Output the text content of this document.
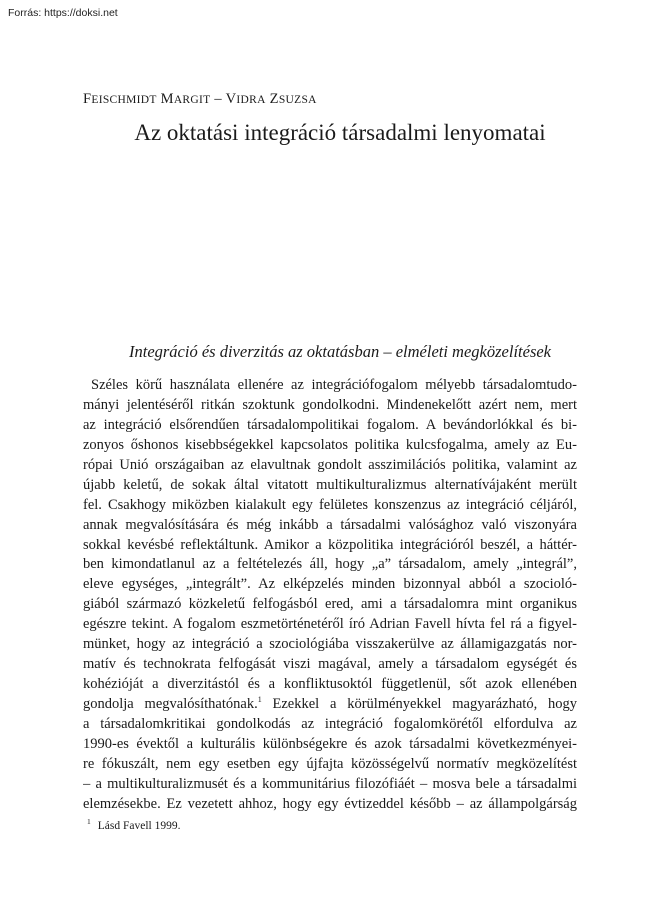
Forrás: https://doksi.net
FEISCHMIDT MARGIT – VIDRA ZSUZSA
Az oktatási integráció társadalmi lenyomatai
Integráció és diverzitás az oktatásban – elméleti megközelítések
Széles körű használata ellenére az integrációfogalom mélyebb társadalomtudo-
mányi jelentéséről ritkán szoktunk gondolkodni. Mindenekelőtt azért nem, mert
az integráció elsőrendűen társadalompolitikai fogalom. A bevándorlókkal és bi-
zonyos őshonos kisebbségekkel kapcsolatos politika kulcsfogalma, amely az Eu-
rópai Unió országaiban az elavultnak gondolt asszimilációs politika, valamint az
újabb keletű, de sokak által vitatott multikulturalizmus alternatívájaként merült
fel. Csakhogy miközben kialakult egy felületes konszenzus az integráció céljáról,
annak megvalósítására és még inkább a társadalmi valósághoz való viszonyára
sokkal kevésbé reflektáltunk. Amikor a közpolitika integrációról beszél, a háttér-
ben kimondatlanul az a feltételezés áll, hogy „a” társadalom, amely „integrál”,
eleve egységes, „integrált”. Az elképzelés minden bizonnyal abból a szocioló-
giából származó közkeletű felfogásból ered, ami a társadalomra mint organikus
egészre tekint. A fogalom eszmetörténetéről író Adrian Favell hívta fel rá a figyel-
münket, hogy az integráció a szociológiába visszakerülve az államigazgatás nor-
matív és technokrata felfogását viszi magával, amely a társadalom egységét és
kohézióját a diverzitástól és a konfliktusoktól függetlenül, sőt azok ellenében
gondolja megvalósíthatónak.$^1$ Ezekkel a körülményekkel magyarázható, hogy
a társadalomkritikai gondolkodás az integráció fogalomkörétől elfordulva az
1990-es évektől a kulturális különbségekre és azok társadalmi következményei-
re fókuszált, nem egy esetben egy újfajta közösségelvű normatív megközelítést
– a multikulturalizmusét és a kommunitárius filozófiáét – mosva bele a társadalmi
elemzésekbe. Ez vezetett ahhoz, hogy egy évtizeddel később – az állampolgárság
$^1$ Lásd Favell 1999.
